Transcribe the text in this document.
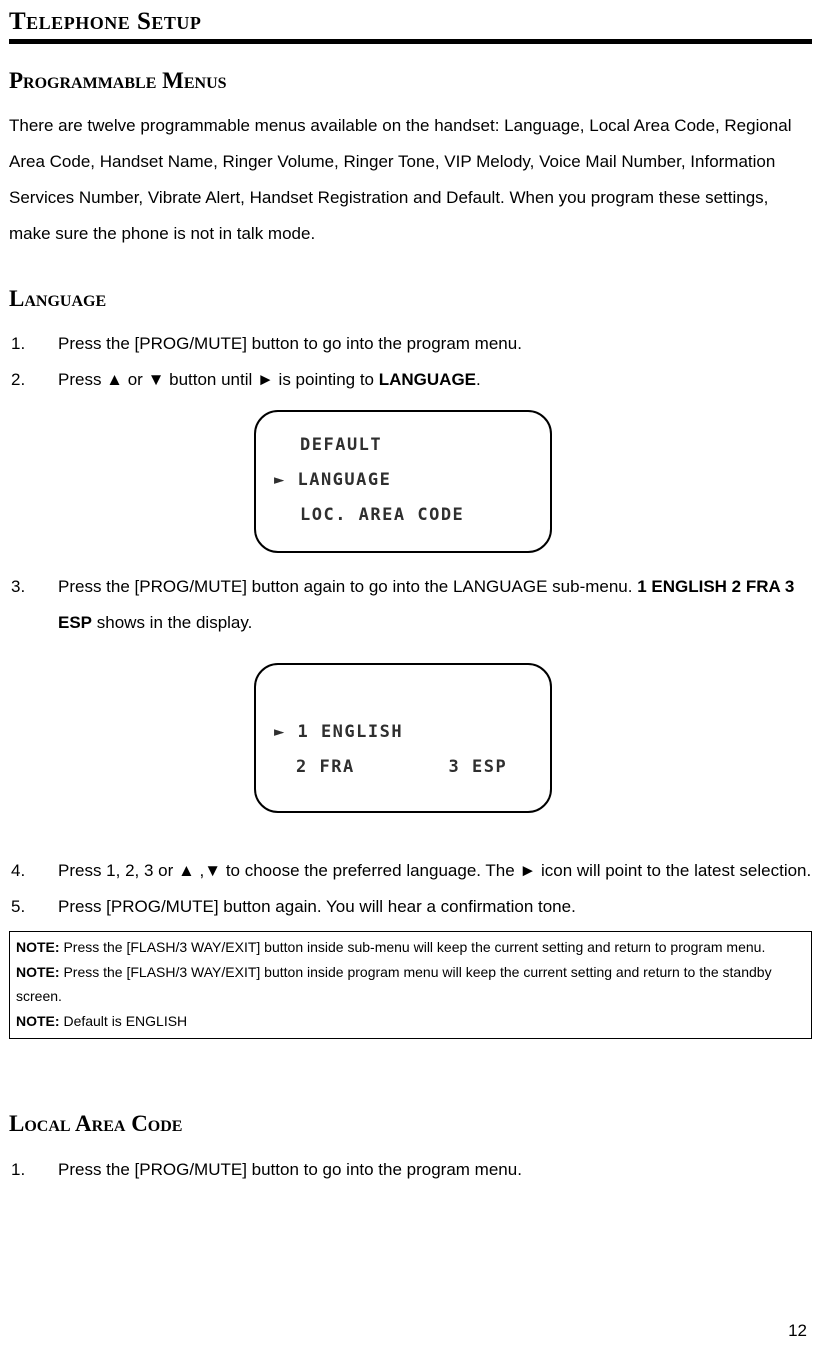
Telephone Setup
Programmable Menus

There are twelve programmable menus available on the handset: Language, Local Area Code, Regional Area Code, Handset Name, Ringer Volume, Ringer Tone, VIP Melody, Voice Mail Number, Information Services Number, Vibrate Alert, Handset Registration and Default. When you program these settings, make sure the phone is not in talk mode.

Language
1.	Press the [PROG/MUTE] button to go into the program menu.
2.	Press ▲ or ▼ button until ► is pointing to LANGUAGE.
DEFAULT
► LANGUAGE
LOC. AREA CODE
3.	Press the [PROG/MUTE] button again to go into the LANGUAGE sub-menu. 1 ENGLISH 2 FRA 3 ESP shows in the display.
► 1 ENGLISH
2 FRA        3 ESP
4.	Press 1, 2, 3 or ▲ ,▼ to choose the preferred language. The ► icon will point to the latest selection.
5.	Press [PROG/MUTE] button again. You will hear a confirmation tone.

NOTE: Press the [FLASH/3 WAY/EXIT] button inside sub-menu will keep the current setting and return to program menu.

NOTE: Press the [FLASH/3 WAY/EXIT] button inside program menu will keep the current setting and return to the standby screen.

NOTE: Default is ENGLISH

Local Area Code
1.	Press the [PROG/MUTE] button to go into the program menu.
12
